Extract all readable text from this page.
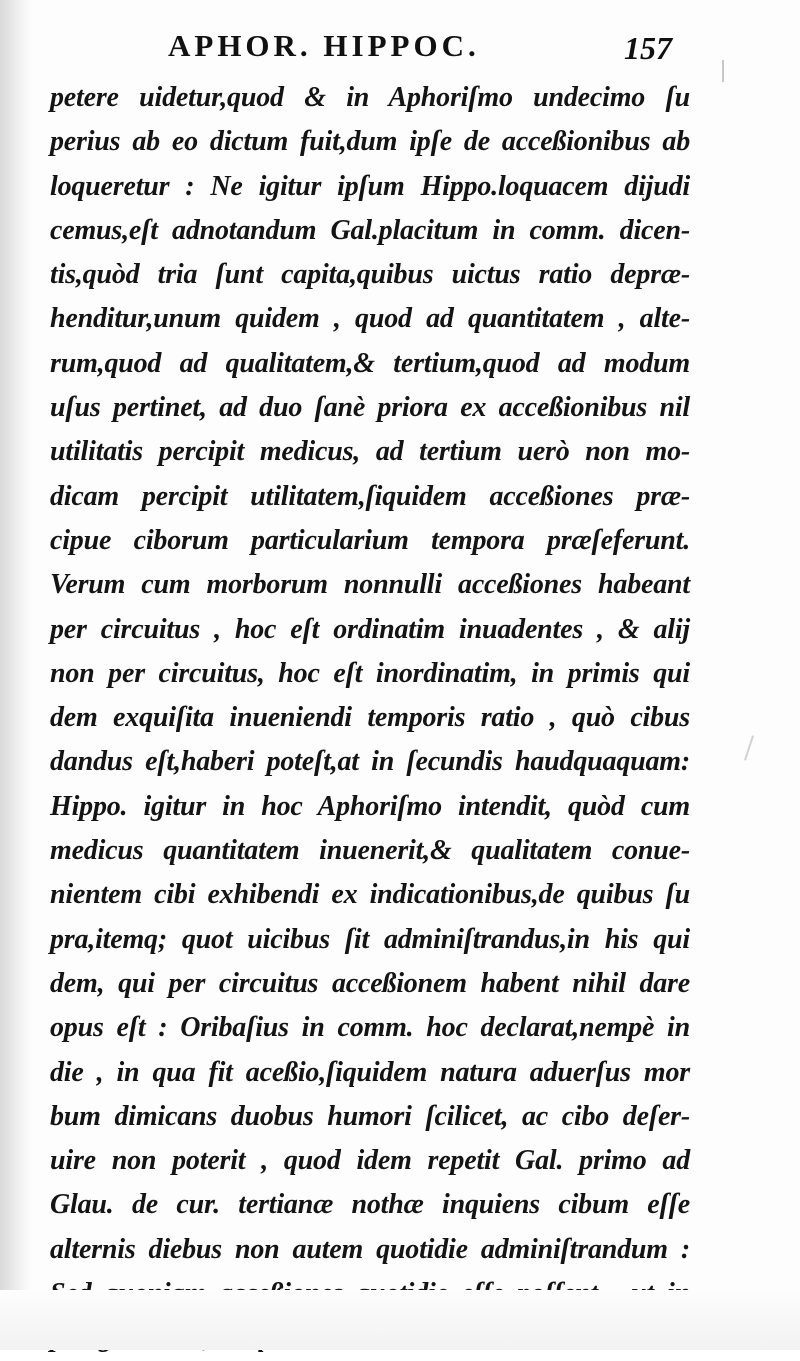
APHOR. HIPPOC.	157
petere uidetur,quod & in Aphoriſmo undecimo ſu
perius ab eo dictum fuit,dum ipſe de acceßionibus ab
loqueretur : Ne igitur ipſum Hippo.loquacem dijudi
cemus,eſt adnotandum Gal.placitum in comm. dicen-
tis,quòd tria ſunt capita,quibus uictus ratio depræ-
henditur,unum quidem , quod ad quantitatem , alte-
rum,quod ad qualitatem,& tertium,quod ad modum
uſus pertinet, ad duo ſanè priora ex acceßionibus nil
utilitatis percipit medicus, ad tertium uerò non mo-
dicam percipit utilitatem,ſiquidem acceßiones præ-
cipue ciborum particularium tempora præſeferunt.
Verum cum morborum nonnulli acceßiones habeant
per circuitus , hoc eſt ordinatim inuadentes , & alij
non per circuitus, hoc eſt inordinatim, in primis qui
dem exquiſita inueniendi temporis ratio , quò cibus
dandus eſt,haberi poteſt,at in ſecundis haudquaquam:
Hippo. igitur in hoc Aphoriſmo intendit, quòd cum
medicus quantitatem inuenerit,& qualitatem conue-
nientem cibi exhibendi ex indicationibus,de quibus ſu
pra,itemq; quot uicibus ſit adminiſtrandus,in his qui
dem, qui per circuitus acceßionem habent nihil dare
opus eſt : Oribaſius in comm. hoc declarat,nempè in
die , in qua fit aceßio,ſiquidem natura aduerſus mor
bum dimicans duobus humori ſcilicet, ac cibo deſer-
uire non poterit , quod idem repetit Gal. primo ad
Glau. de cur. tertianæ nothæ inquiens cibum eſſe
alternis diebus non autem quotidie adminiſtrandum :
